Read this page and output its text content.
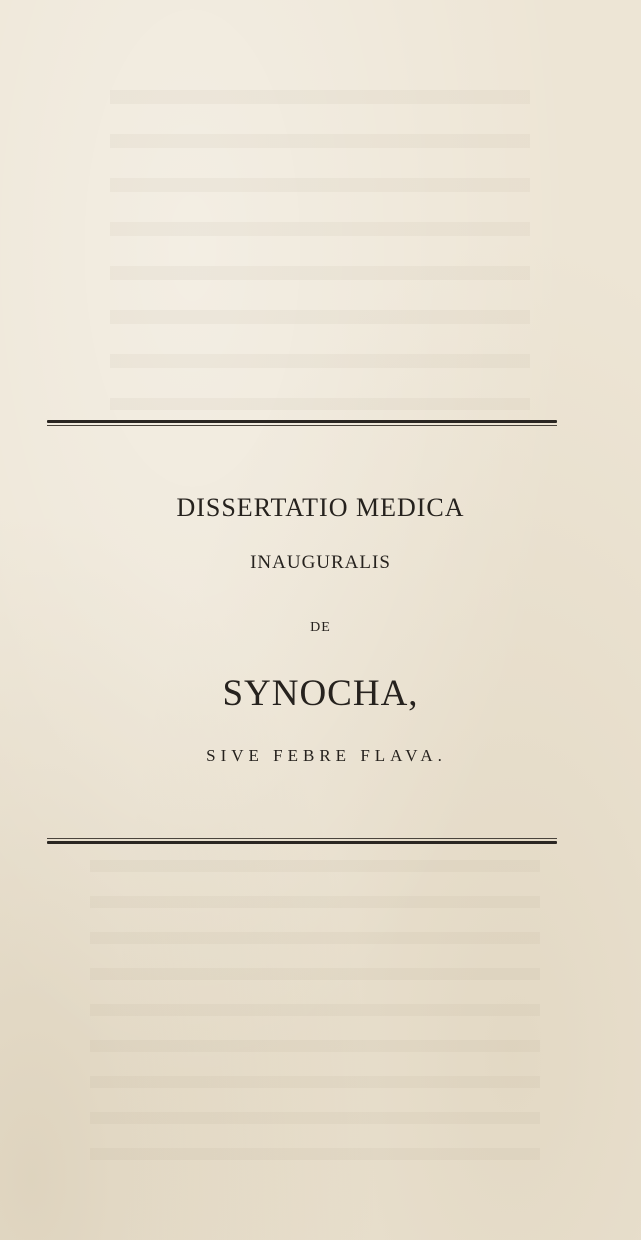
DISSERTATIO MEDICA
INAUGURALIS
DE
SYNOCHA,
SIVE FEBRE FLAVA.
